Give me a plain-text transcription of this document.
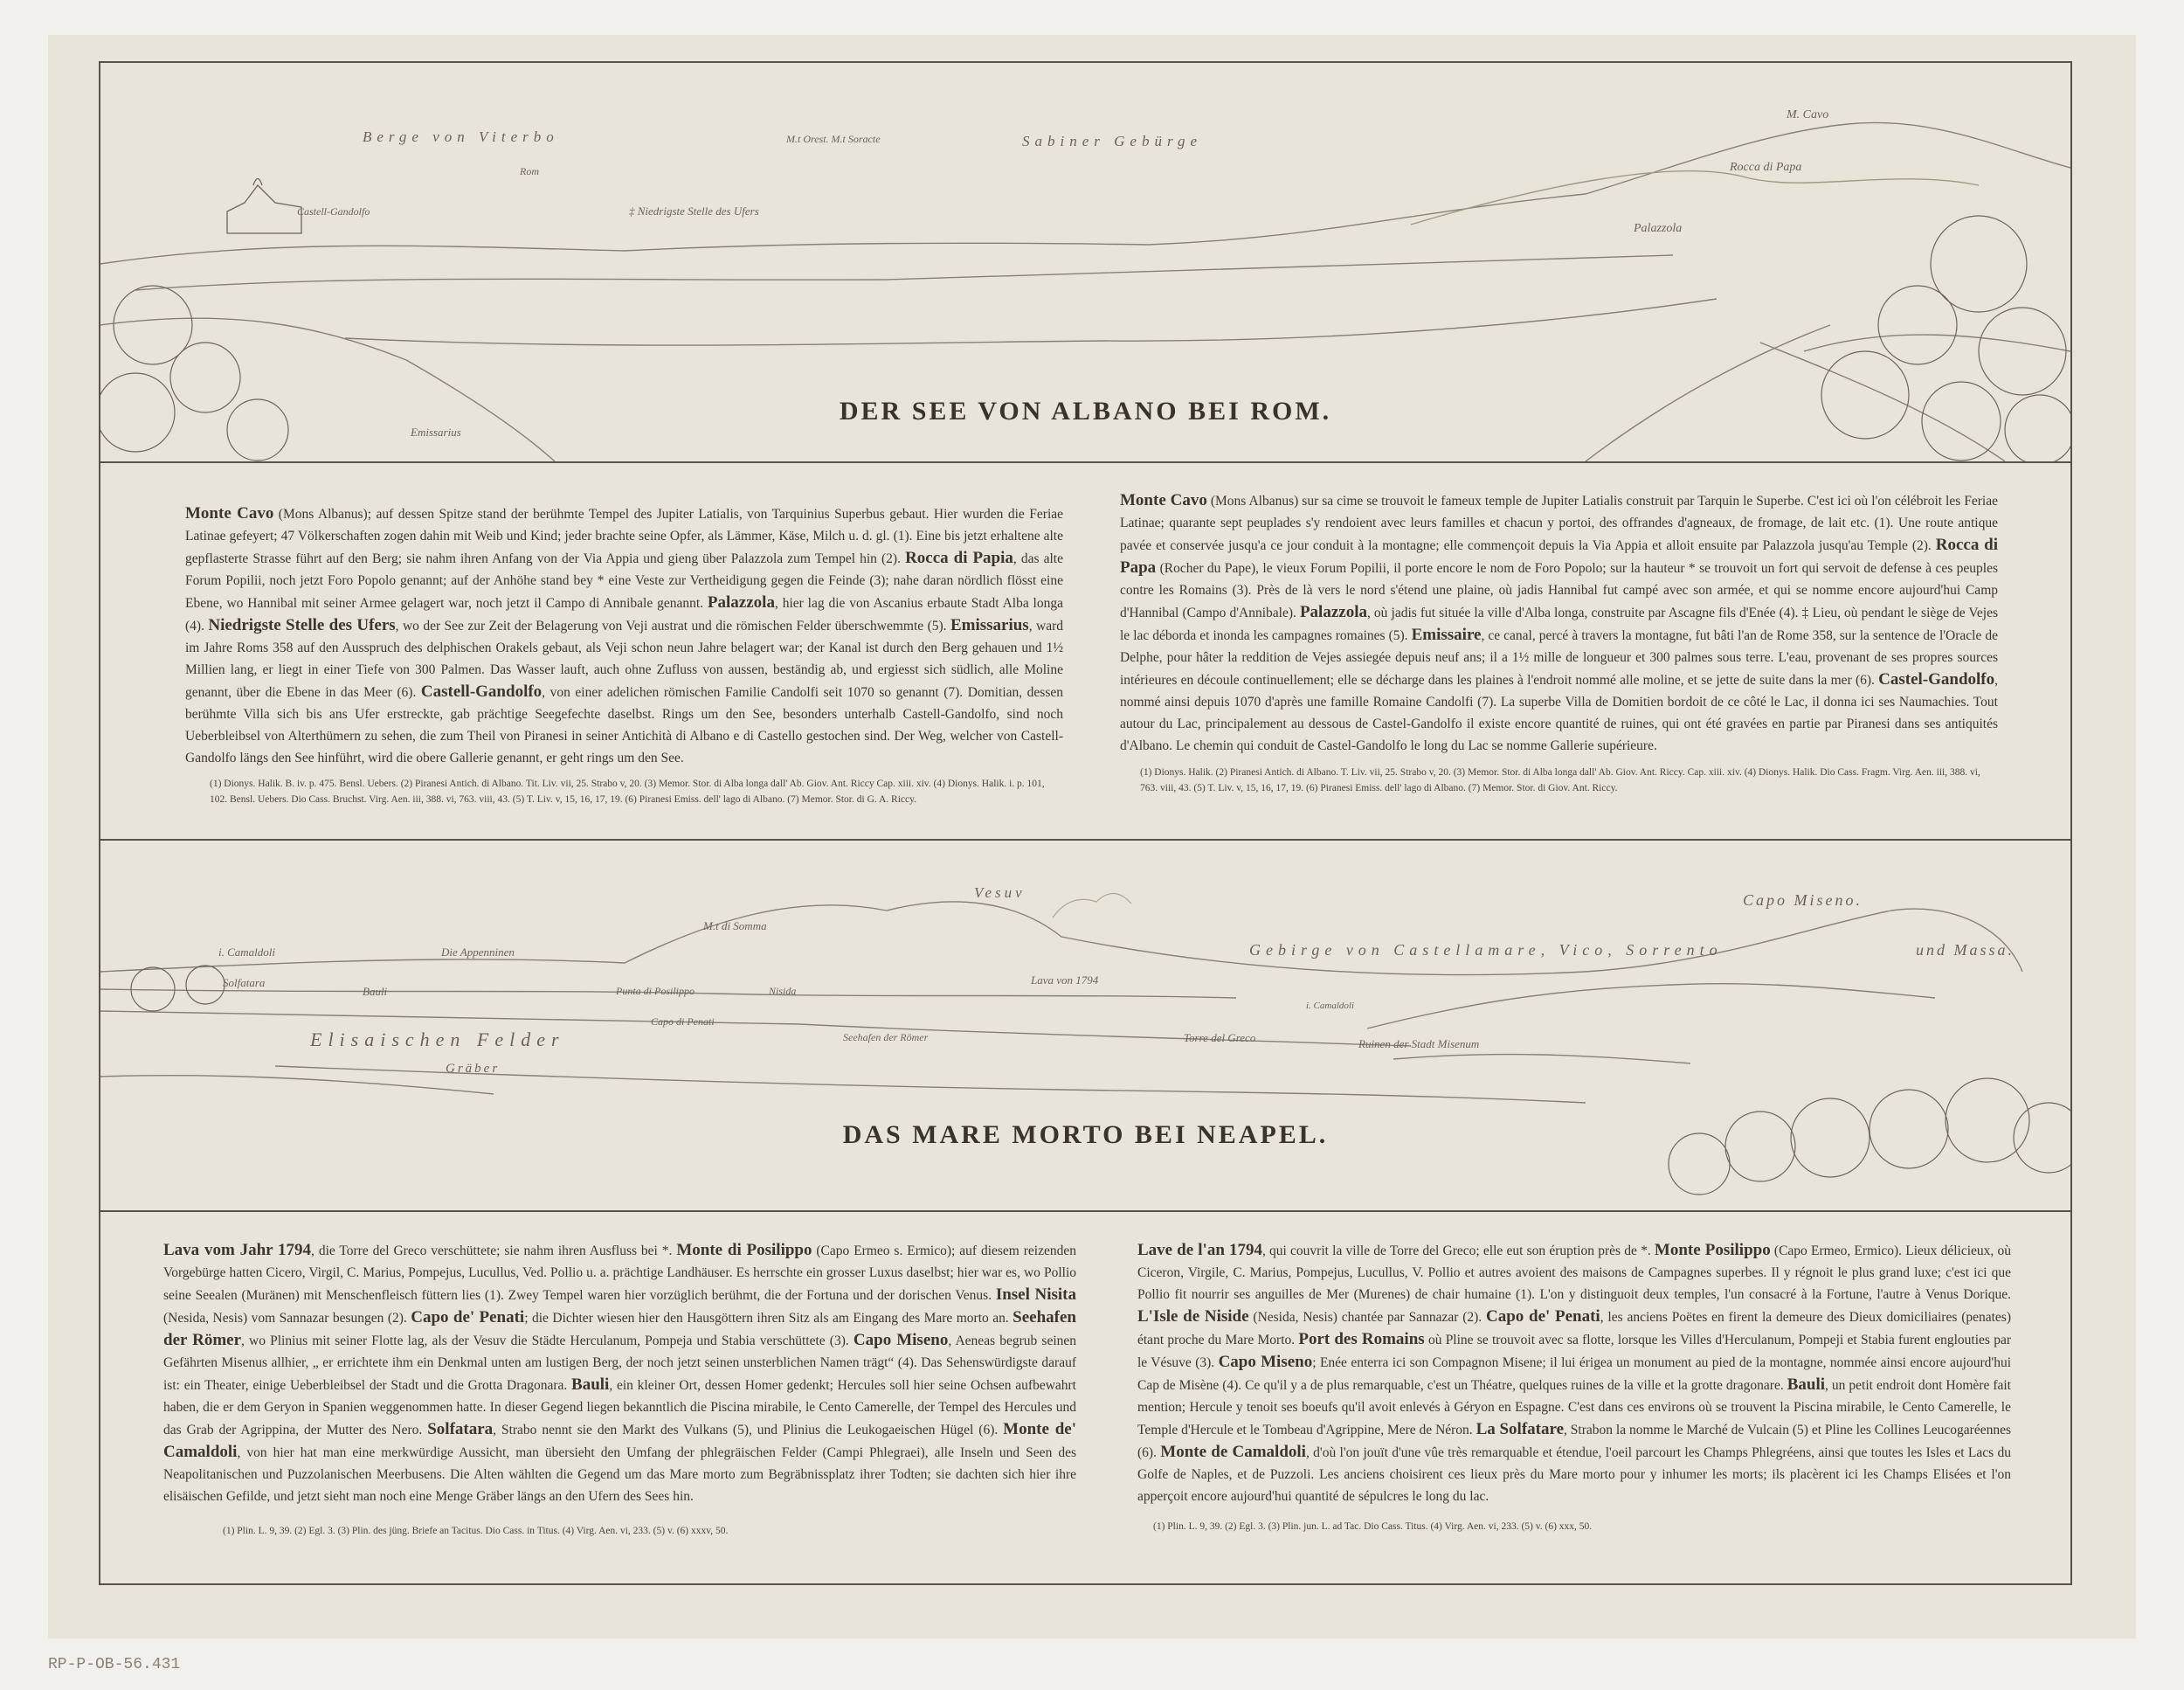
Berge von Viterbo	M.t Orest. M.t Soracte	Sabiner Gebürge
M. Cavo
Rom
Castell-Gandolfo	‡ Niedrigste Stelle des Ufers
Rocca di Papa
Palazzola
Emissarius
DER SEE VON ALBANO BEI ROM.
Monte Cavo (Mons Albanus); auf dessen Spitze stand der berühmte Tempel des Jupiter Latialis, von Tarquinius Superbus gebaut. Hier wurden die Feriae Latinae gefeyert; 47 Völkerschaften zogen dahin mit Weib und Kind; jeder brachte seine Opfer, als Lämmer, Käse, Milch u. d. gl. (1). Eine bis jetzt erhaltene alte gepflasterte Strasse führt auf den Berg; sie nahm ihren Anfang von der Via Appia und gieng über Palazzola zum Tempel hin (2). Rocca di Papia, das alte Forum Popilii, noch jetzt Foro Popolo genannt; auf der Anhöhe stand bey * eine Veste zur Vertheidigung gegen die Feinde (3); nahe daran nördlich flösst eine Ebene, wo Hannibal mit seiner Armee gelagert war, noch jetzt il Campo di Annibale genannt. Palazzola, hier lag die von Ascanius erbaute Stadt Alba longa (4). Niedrigste Stelle des Ufers, wo der See zur Zeit der Belagerung von Veji austrat und die römischen Felder überschwemmte (5). Emissarius, ward im Jahre Roms 358 auf den Ausspruch des delphischen Orakels gebaut, als Veji schon neun Jahre belagert war; der Kanal ist durch den Berg gehauen und 1½ Millien lang, er liegt in einer Tiefe von 300 Palmen. Das Wasser lauft, auch ohne Zufluss von aussen, beständig ab, und ergiesst sich südlich, alle Moline genannt, über die Ebene in das Meer (6). Castell-Gandolfo, von einer adelichen römischen Familie Candolfi seit 1070 so genannt (7). Domitian, dessen berühmte Villa sich bis ans Ufer erstreckte, gab prächtige Seegefechte daselbst. Rings um den See, besonders unterhalb Castell-Gandolfo, sind noch Ueberbleibsel von Alterthümern zu sehen, die zum Theil von Piranesi in seiner Antichità di Albano e di Castello gestochen sind. Der Weg, welcher von Castell-Gandolfo längs den See hinführt, wird die obere Gallerie genannt, er geht rings um den See.
(1) Dionys. Halik. B. iv. p. 475. Bensl. Uebers. (2) Piranesi Antich. di Albano. Tit. Liv. vii, 25. Strabo v, 20. (3) Memor. Stor. di Alba longa dall' Ab. Giov. Ant. Riccy Cap. xiii. xiv. (4) Dionys. Halik. i. p. 101, 102. Bensl. Uebers. Dio Cass. Bruchst. Virg. Aen. iii, 388. vi, 763. viii, 43. (5) T. Liv. v, 15, 16, 17, 19. (6) Piranesi Emiss. dell' lago di Albano. (7) Memor. Stor. di G. A. Riccy.
Monte Cavo (Mons Albanus) sur sa cime se trouvoit le fameux temple de Jupiter Latialis construit par Tarquin le Superbe. C'est ici où l'on célébroit les Feriae Latinae; quarante sept peuplades s'y rendoient avec leurs familles et chacun y portoi, des offrandes d'agneaux, de fromage, de lait etc. (1). Une route antique pavée et conservée jusqu'a ce jour conduit à la montagne; elle commençoit depuis la Via Appia et alloit ensuite par Palazzola jusqu'au Temple (2). Rocca di Papa (Rocher du Pape), le vieux Forum Popilii, il porte encore le nom de Foro Popolo; sur la hauteur * se trouvoit un fort qui servoit de defense à ces peuples contre les Romains (3). Près de là vers le nord s'étend une plaine, où jadis Hannibal fut campé avec son armée, et qui se nomme encore aujourd'hui Camp d'Hannibal (Campo d'Annibale). Palazzola, où jadis fut située la ville d'Alba longa, construite par Ascagne fils d'Enée (4). ‡ Lieu, où pendant le siège de Vejes le lac déborda et inonda les campagnes romaines (5). Emissaire, ce canal, percé à travers la montagne, fut bâti l'an de Rome 358, sur la sentence de l'Oracle de Delphe, pour hâter la reddition de Vejes assiegée depuis neuf ans; il a 1½ mille de longueur et 300 palmes sous terre. L'eau, provenant de ses propres sources intérieures en découle continuellement; elle se décharge dans les plaines à l'endroit nommé alle moline, et se jette de suite dans la mer (6). Castel-Gandolfo, nommé ainsi depuis 1070 d'après une famille Romaine Candolfi (7). La superbe Villa de Domitien bordoit de ce côté le Lac, il donna ici ses Naumachies. Tout autour du Lac, principalement au dessous de Castel-Gandolfo il existe encore quantité de ruines, qui ont été gravées en partie par Piranesi dans ses antiquités d'Albano. Le chemin qui conduit de Castel-Gandolfo le long du Lac se nomme Gallerie supérieure.
(1) Dionys. Halik. (2) Piranesi Antich. di Albano. T. Liv. vii, 25. Strabo v, 20. (3) Memor. Stor. di Alba longa dall' Ab. Giov. Ant. Riccy. Cap. xiii. xiv. (4) Dionys. Halik. Dio Cass. Fragm. Virg. Aen. iii, 388. vi, 763. viii, 43. (5) T. Liv. v, 15, 16, 17, 19. (6) Piranesi Emiss. dell' lago di Albano. (7) Memor. Stor. di Giov. Ant. Riccy.
Vesuv
M.t di Somma
Capo Miseno.
i. Camaldoli	Die Appenninen	Gebirge von Castellamare, Vico, Sorrento	und Massa.
Solfatara
Bauli	Punta di Posilippo	Nisida
Lava von 1794
i. Camaldoli
Capo di Penati
Elisaischen Felder	Seehafen der Römer	Torre del Greco	Ruinen der Stadt Misenum
Gräber
DAS MARE MORTO BEI NEAPEL.
Lava vom Jahr 1794, die Torre del Greco verschüttete; sie nahm ihren Ausfluss bei *. Monte di Posilippo (Capo Ermeo s. Ermico); auf diesem reizenden Vorgebürge hatten Cicero, Virgil, C. Marius, Pompejus, Lucullus, Ved. Pollio u. a. prächtige Landhäuser. Es herrschte ein grosser Luxus daselbst; hier war es, wo Pollio seine Seealen (Muränen) mit Menschenfleisch füttern lies (1). Zwey Tempel waren hier vorzüglich berühmt, die der Fortuna und der dorischen Venus. Insel Nisita (Nesida, Nesis) vom Sannazar besungen (2). Capo de' Penati; die Dichter wiesen hier den Hausgöttern ihren Sitz als am Eingang des Mare morto an. Seehafen der Römer, wo Plinius mit seiner Flotte lag, als der Vesuv die Städte Herculanum, Pompeja und Stabia verschüttete (3). Capo Miseno, Aeneas begrub seinen Gefährten Misenus allhier, „ er errichtete ihm ein Denkmal unten am lustigen Berg, der noch jetzt seinen unsterblichen Namen trägt“ (4). Das Sehenswürdigste darauf ist: ein Theater, einige Ueberbleibsel der Stadt und die Grotta Dragonara. Bauli, ein kleiner Ort, dessen Homer gedenkt; Hercules soll hier seine Ochsen aufbewahrt haben, die er dem Geryon in Spanien weggenommen hatte. In dieser Gegend liegen bekanntlich die Piscina mirabile, le Cento Camerelle, der Tempel des Hercules und das Grab der Agrippina, der Mutter des Nero. Solfatara, Strabo nennt sie den Markt des Vulkans (5), und Plinius die Leukogaeischen Hügel (6). Monte de' Camaldoli, von hier hat man eine merkwürdige Aussicht, man übersieht den Umfang der phlegräischen Felder (Campi Phlegraei), alle Inseln und Seen des Neapolitanischen und Puzzolanischen Meerbusens. Die Alten wählten die Gegend um das Mare morto zum Begräbnissplatz ihrer Todten; sie dachten sich hier ihre elisäischen Gefilde, und jetzt sieht man noch eine Menge Gräber längs an den Ufern des Sees hin.
(1) Plin. L. 9, 39. (2) Egl. 3. (3) Plin. des jüng. Briefe an Tacitus. Dio Cass. in Titus. (4) Virg. Aen. vi, 233. (5) v. (6) xxxv, 50.
Lave de l'an 1794, qui couvrit la ville de Torre del Greco; elle eut son éruption près de *. Monte Posilippo (Capo Ermeo, Ermico). Lieux délicieux, où Ciceron, Virgile, C. Marius, Pompejus, Lucullus, V. Pollio et autres avoient des maisons de Campagnes superbes. Il y régnoit le plus grand luxe; c'est ici que Pollio fit nourrir ses anguilles de Mer (Murenes) de chair humaine (1). L'on y distinguoit deux temples, l'un consacré à la Fortune, l'autre à Venus Dorique. L'Isle de Niside (Nesida, Nesis) chantée par Sannazar (2). Capo de' Penati, les anciens Poëtes en firent la demeure des Dieux domiciliaires (penates) étant proche du Mare Morto. Port des Romains où Pline se trouvoit avec sa flotte, lorsque les Villes d'Herculanum, Pompeji et Stabia furent englouties par le Vésuve (3). Capo Miseno; Enée enterra ici son Compagnon Misene; il lui érigea un monument au pied de la montagne, nommée ainsi encore aujourd'hui Cap de Misène (4). Ce qu'il y a de plus remarquable, c'est un Théatre, quelques ruines de la ville et la grotte dragonare. Bauli, un petit endroit dont Homère fait mention; Hercule y tenoit ses boeufs qu'il avoit enlevés à Géryon en Espagne. C'est dans ces environs où se trouvent la Piscina mirabile, le Cento Camerelle, le Temple d'Hercule et le Tombeau d'Agrippine, Mere de Néron. La Solfatare, Strabon la nomme le Marché de Vulcain (5) et Pline les Collines Leucogaréennes (6). Monte de Camaldoli, d'où l'on jouït d'une vûe très remarquable et étendue, l'oeil parcourt les Champs Phlegréens, ainsi que toutes les Isles et Lacs du Golfe de Naples, et de Puzzoli. Les anciens choisirent ces lieux près du Mare morto pour y inhumer les morts; ils placèrent ici les Champs Elisées et l'on apperçoit encore aujourd'hui quantité de sépulcres le long du lac.
(1) Plin. L. 9, 39. (2) Egl. 3. (3) Plin. jun. L. ad Tac. Dio Cass. Titus. (4) Virg. Aen. vi, 233. (5) v. (6) xxx, 50.
RP-P-OB-56.431
